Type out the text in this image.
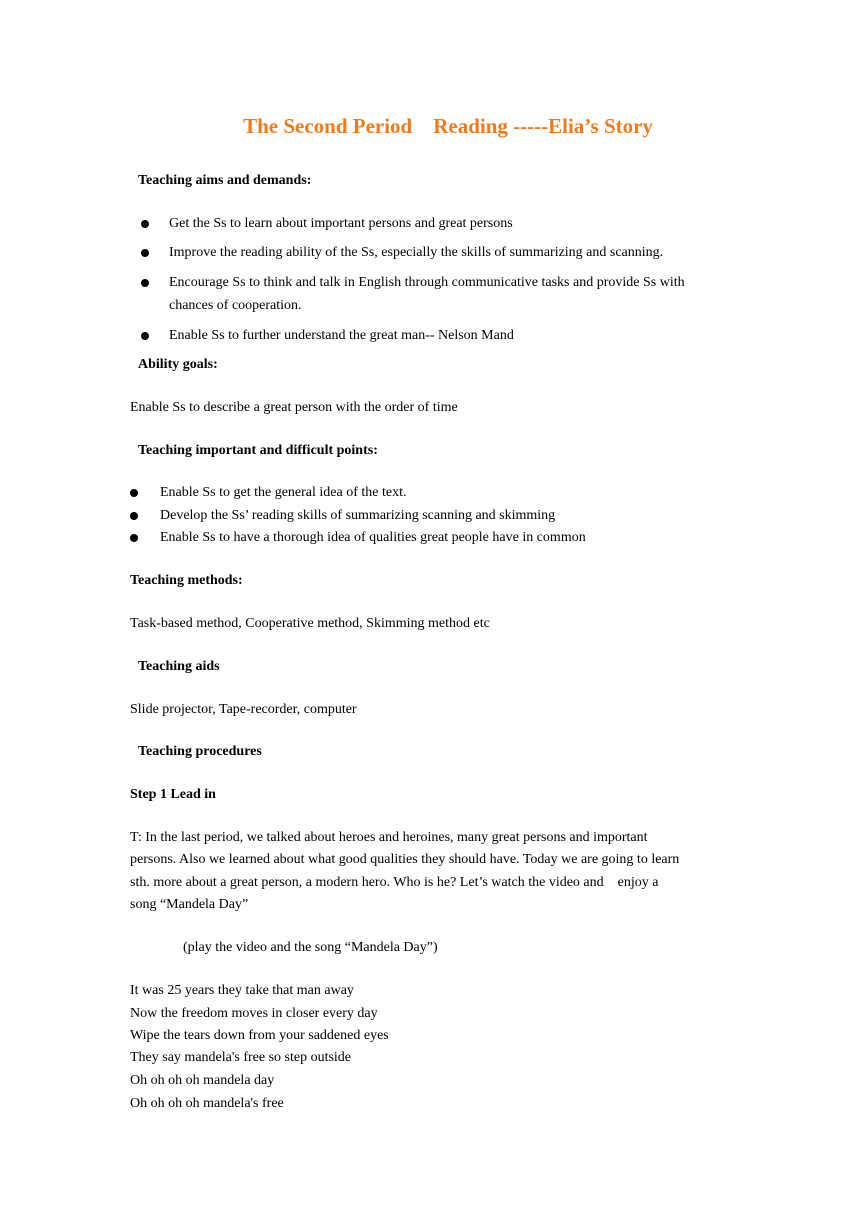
The Second Period    Reading -----Elia’s Story
Teaching aims and demands:
Get the Ss to learn about important persons and great persons
Improve the reading ability of the Ss, especially the skills of summarizing and scanning.
Encourage Ss to think and talk in English through communicative tasks and provide Ss with
chances of cooperation.
Enable Ss to further understand the great man-- Nelson Mand
Ability goals:
Enable Ss to describe a great person with the order of time
Teaching important and difficult points:
Enable Ss to get the general idea of the text.
Develop the Ss’ reading skills of summarizing scanning and skimming
Enable Ss to have a thorough idea of qualities great people have in common
Teaching methods:
Task-based method, Cooperative method, Skimming method etc
Teaching aids
Slide projector, Tape-recorder, computer
Teaching procedures
Step 1 Lead in
T: In the last period, we talked about heroes and heroines, many great persons and important
persons. Also we learned about what good qualities they should have. Today we are going to learn
sth. more about a great person, a modern hero. Who is he? Let’s watch the video and    enjoy a
song “Mandela Day”
(play the video and the song “Mandela Day”)
It was 25 years they take that man away
Now the freedom moves in closer every day
Wipe the tears down from your saddened eyes
They say mandela's free so step outside
Oh oh oh oh mandela day
Oh oh oh oh mandela's free
